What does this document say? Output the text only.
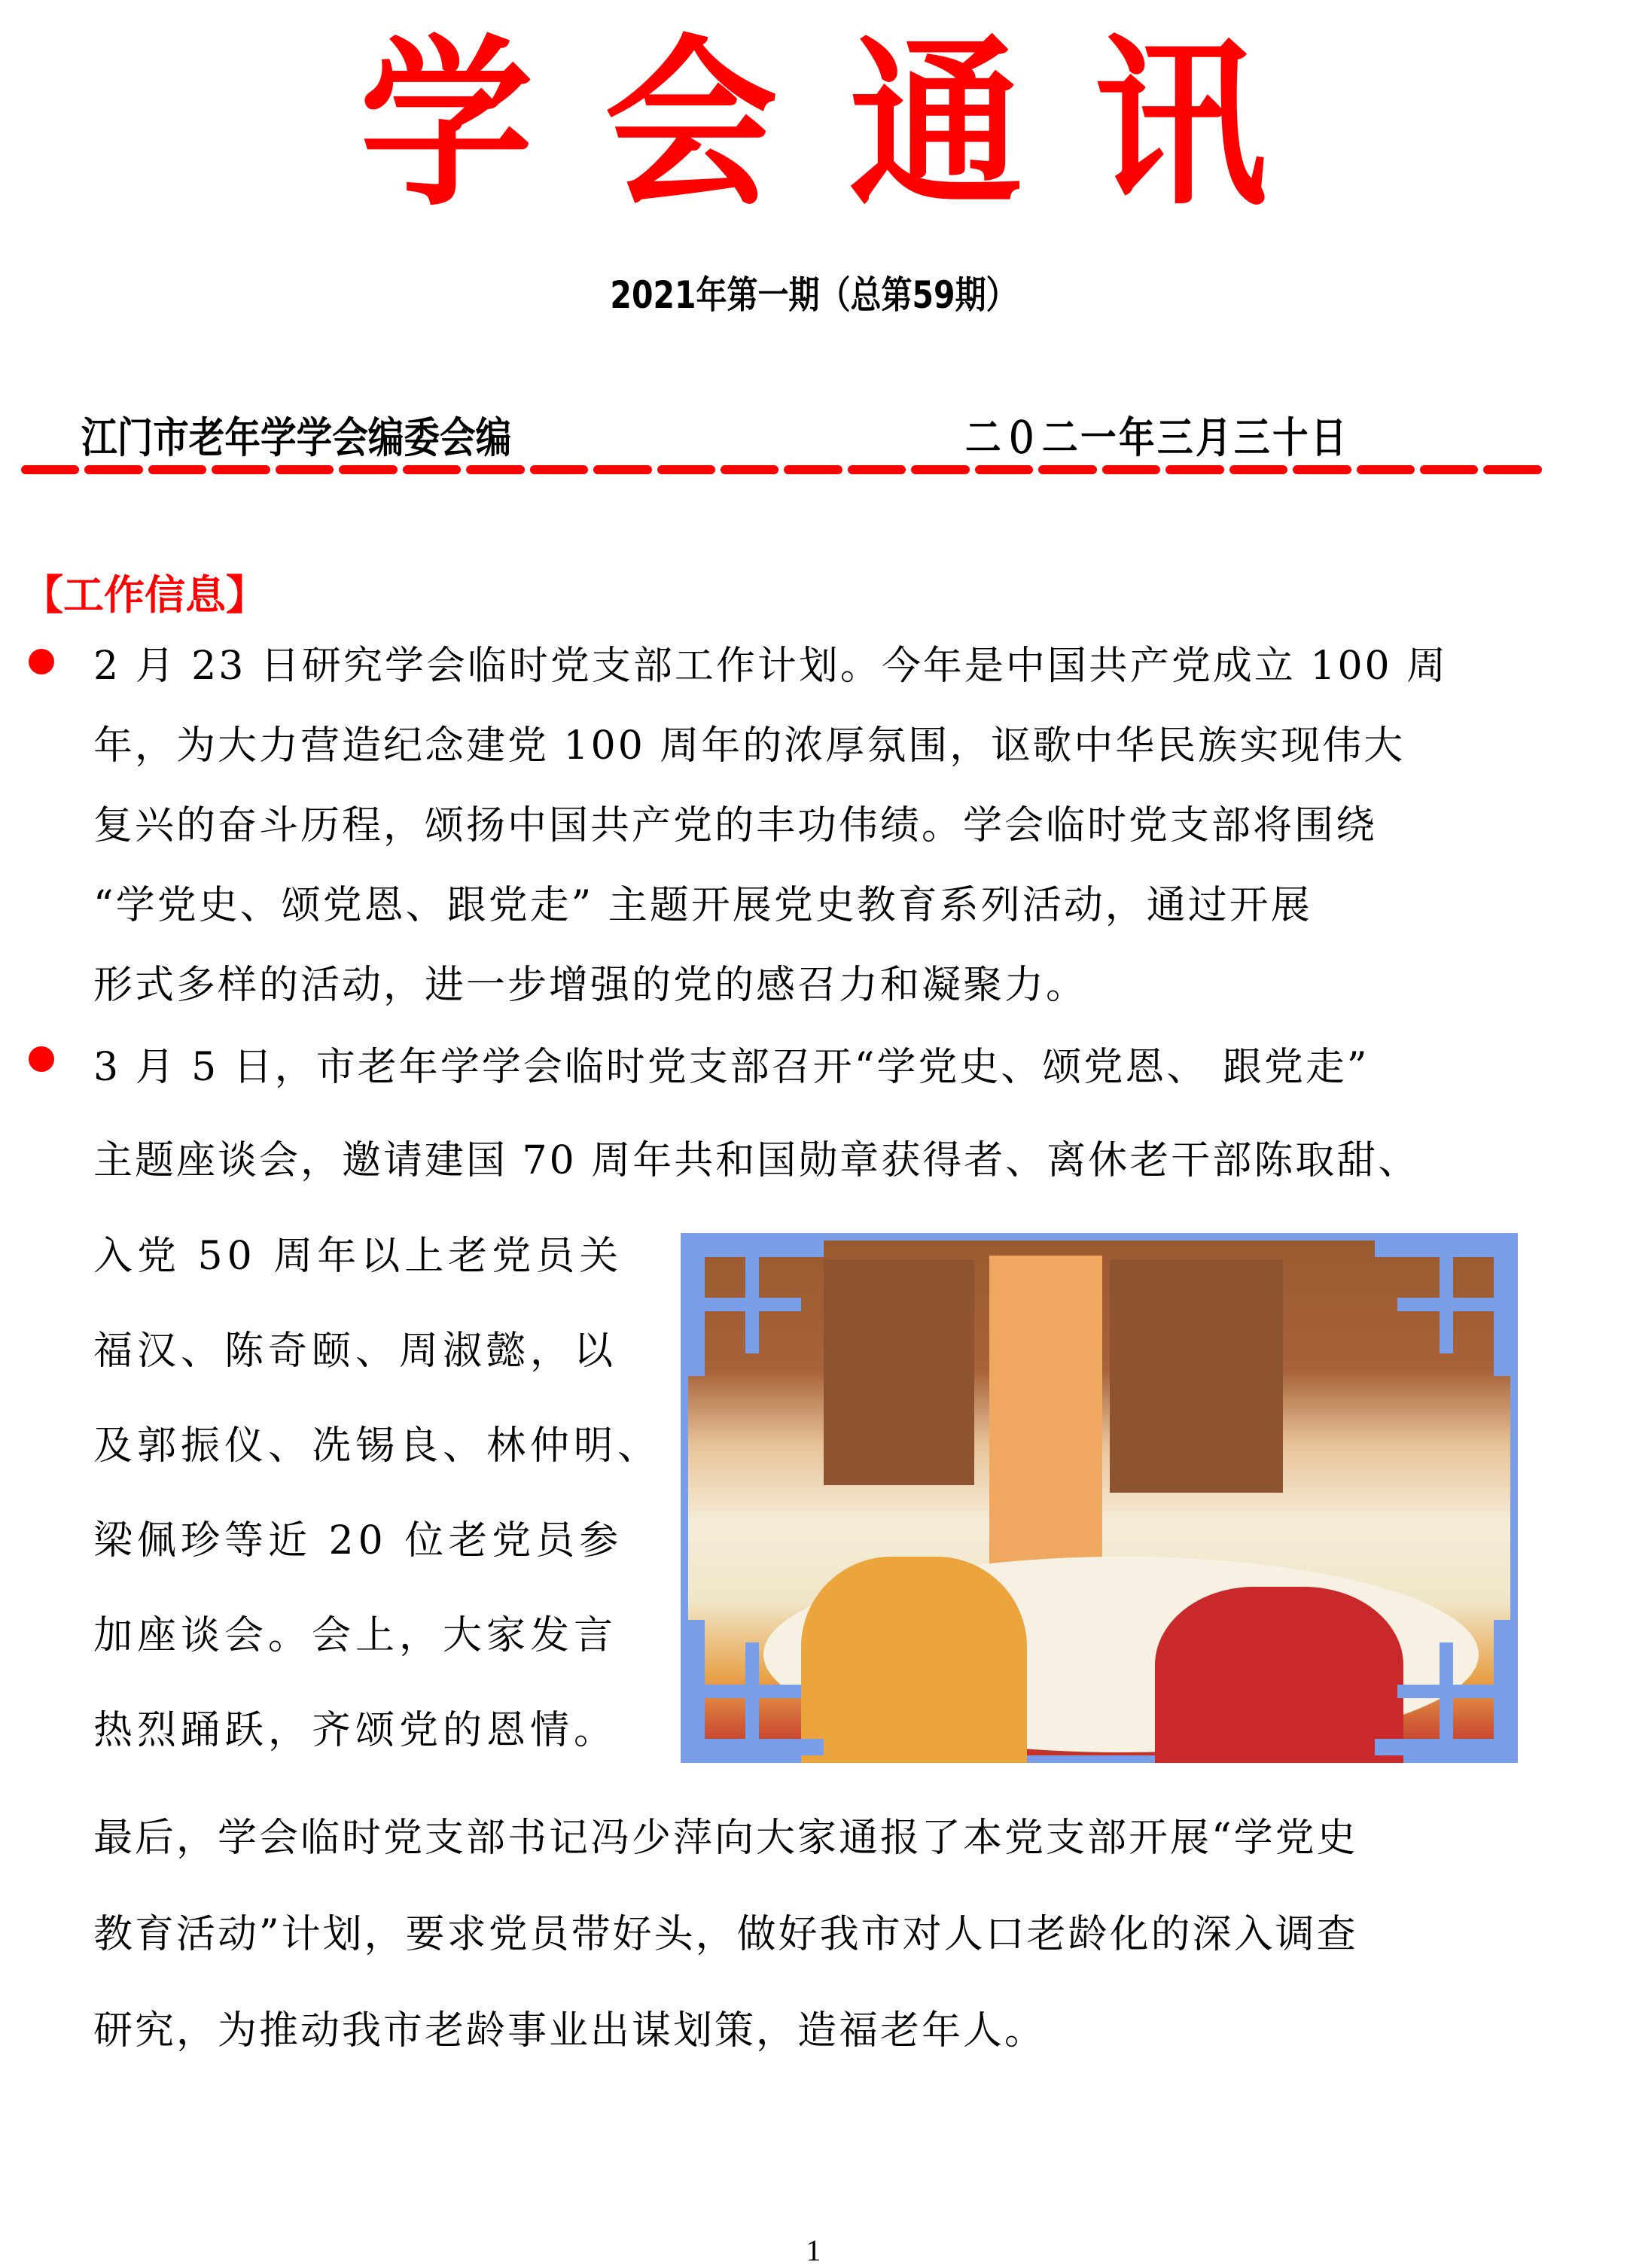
学 会 通 讯
2021年第一期（总第59期）
江门市老年学学会编委会编	二０二一年三月三十日
【工作信息】
2 月 23 日研究学会临时党支部工作计划。今年是中国共产党成立 100 周
年，为大力营造纪念建党 100 周年的浓厚氛围，讴歌中华民族实现伟大
复兴的奋斗历程，颂扬中国共产党的丰功伟绩。学会临时党支部将围绕
“学党史、颂党恩、跟党走” 主题开展党史教育系列活动，通过开展
形式多样的活动，进一步增强的党的感召力和凝聚力。
3 月 5 日，市老年学学会临时党支部召开“学党史、颂党恩、 跟党走”
主题座谈会，邀请建国 70 周年共和国勋章获得者、离休老干部陈取甜、
入党 50 周年以上老党员关
福汉、陈奇颐、周淑懿，以
及郭振仪、冼锡良、林仲明、
梁佩珍等近 20 位老党员参
加座谈会。会上，大家发言
热烈踊跃，齐颂党的恩情。
最后，学会临时党支部书记冯少萍向大家通报了本党支部开展“学党史
教育活动”计划，要求党员带好头，做好我市对人口老龄化的深入调查
研究，为推动我市老龄事业出谋划策，造福老年人。
1
